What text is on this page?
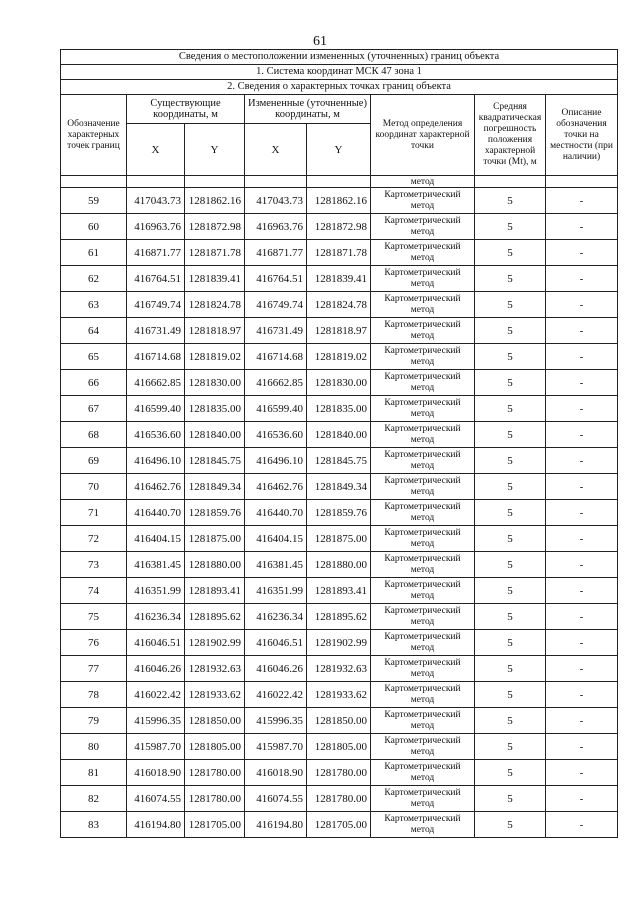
61
Сведения о местоположении измененных (уточненных) границ объекта							
1. Система координат МСК 47 зона 1							
2. Сведения о характерных точках границ объекта							
Обозначение характерных точек границ	Существующие координаты, м		Измененные (уточненные) координаты, м		Метод определения координат характерной точки	Средняя квадратическая погрешность положения характерной точки (Мt), м	Описание обозначения точки на местности (при наличии)
	X	Y	X	Y			
					метод		
59	417043.73	1281862.16	417043.73	1281862.16	Картометрический метод	5	-
60	416963.76	1281872.98	416963.76	1281872.98	Картометрический метод	5	-
61	416871.77	1281871.78	416871.77	1281871.78	Картометрический метод	5	-
62	416764.51	1281839.41	416764.51	1281839.41	Картометрический метод	5	-
63	416749.74	1281824.78	416749.74	1281824.78	Картометрический метод	5	-
64	416731.49	1281818.97	416731.49	1281818.97	Картометрический метод	5	-
65	416714.68	1281819.02	416714.68	1281819.02	Картометрический метод	5	-
66	416662.85	1281830.00	416662.85	1281830.00	Картометрический метод	5	-
67	416599.40	1281835.00	416599.40	1281835.00	Картометрический метод	5	-
68	416536.60	1281840.00	416536.60	1281840.00	Картометрический метод	5	-
69	416496.10	1281845.75	416496.10	1281845.75	Картометрический метод	5	-
70	416462.76	1281849.34	416462.76	1281849.34	Картометрический метод	5	-
71	416440.70	1281859.76	416440.70	1281859.76	Картометрический метод	5	-
72	416404.15	1281875.00	416404.15	1281875.00	Картометрический метод	5	-
73	416381.45	1281880.00	416381.45	1281880.00	Картометрический метод	5	-
74	416351.99	1281893.41	416351.99	1281893.41	Картометрический метод	5	-
75	416236.34	1281895.62	416236.34	1281895.62	Картометрический метод	5	-
76	416046.51	1281902.99	416046.51	1281902.99	Картометрический метод	5	-
77	416046.26	1281932.63	416046.26	1281932.63	Картометрический метод	5	-
78	416022.42	1281933.62	416022.42	1281933.62	Картометрический метод	5	-
79	415996.35	1281850.00	415996.35	1281850.00	Картометрический метод	5	-
80	415987.70	1281805.00	415987.70	1281805.00	Картометрический метод	5	-
81	416018.90	1281780.00	416018.90	1281780.00	Картометрический метод	5	-
82	416074.55	1281780.00	416074.55	1281780.00	Картометрический метод	5	-
83	416194.80	1281705.00	416194.80	1281705.00	Картометрический метод	5	-
